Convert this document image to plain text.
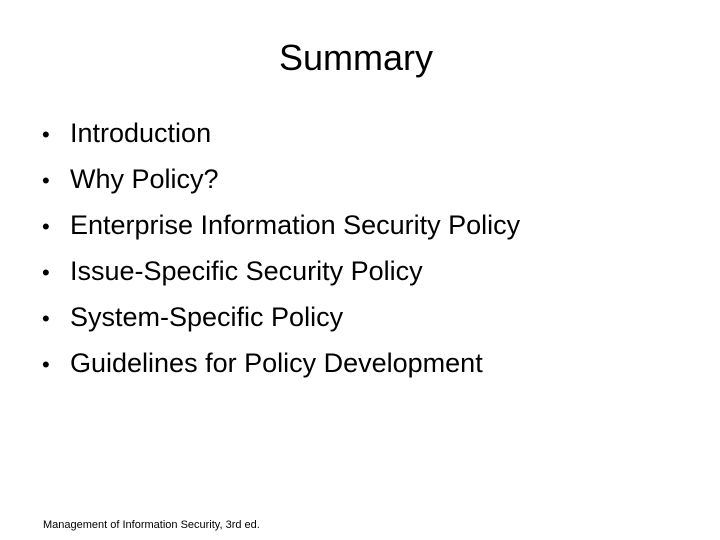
Summary
• Introduction
• Why Policy?
• Enterprise Information Security Policy
• Issue-Specific Security Policy
• System-Specific Policy
• Guidelines for Policy Development
Management of Information Security, 3rd ed.
